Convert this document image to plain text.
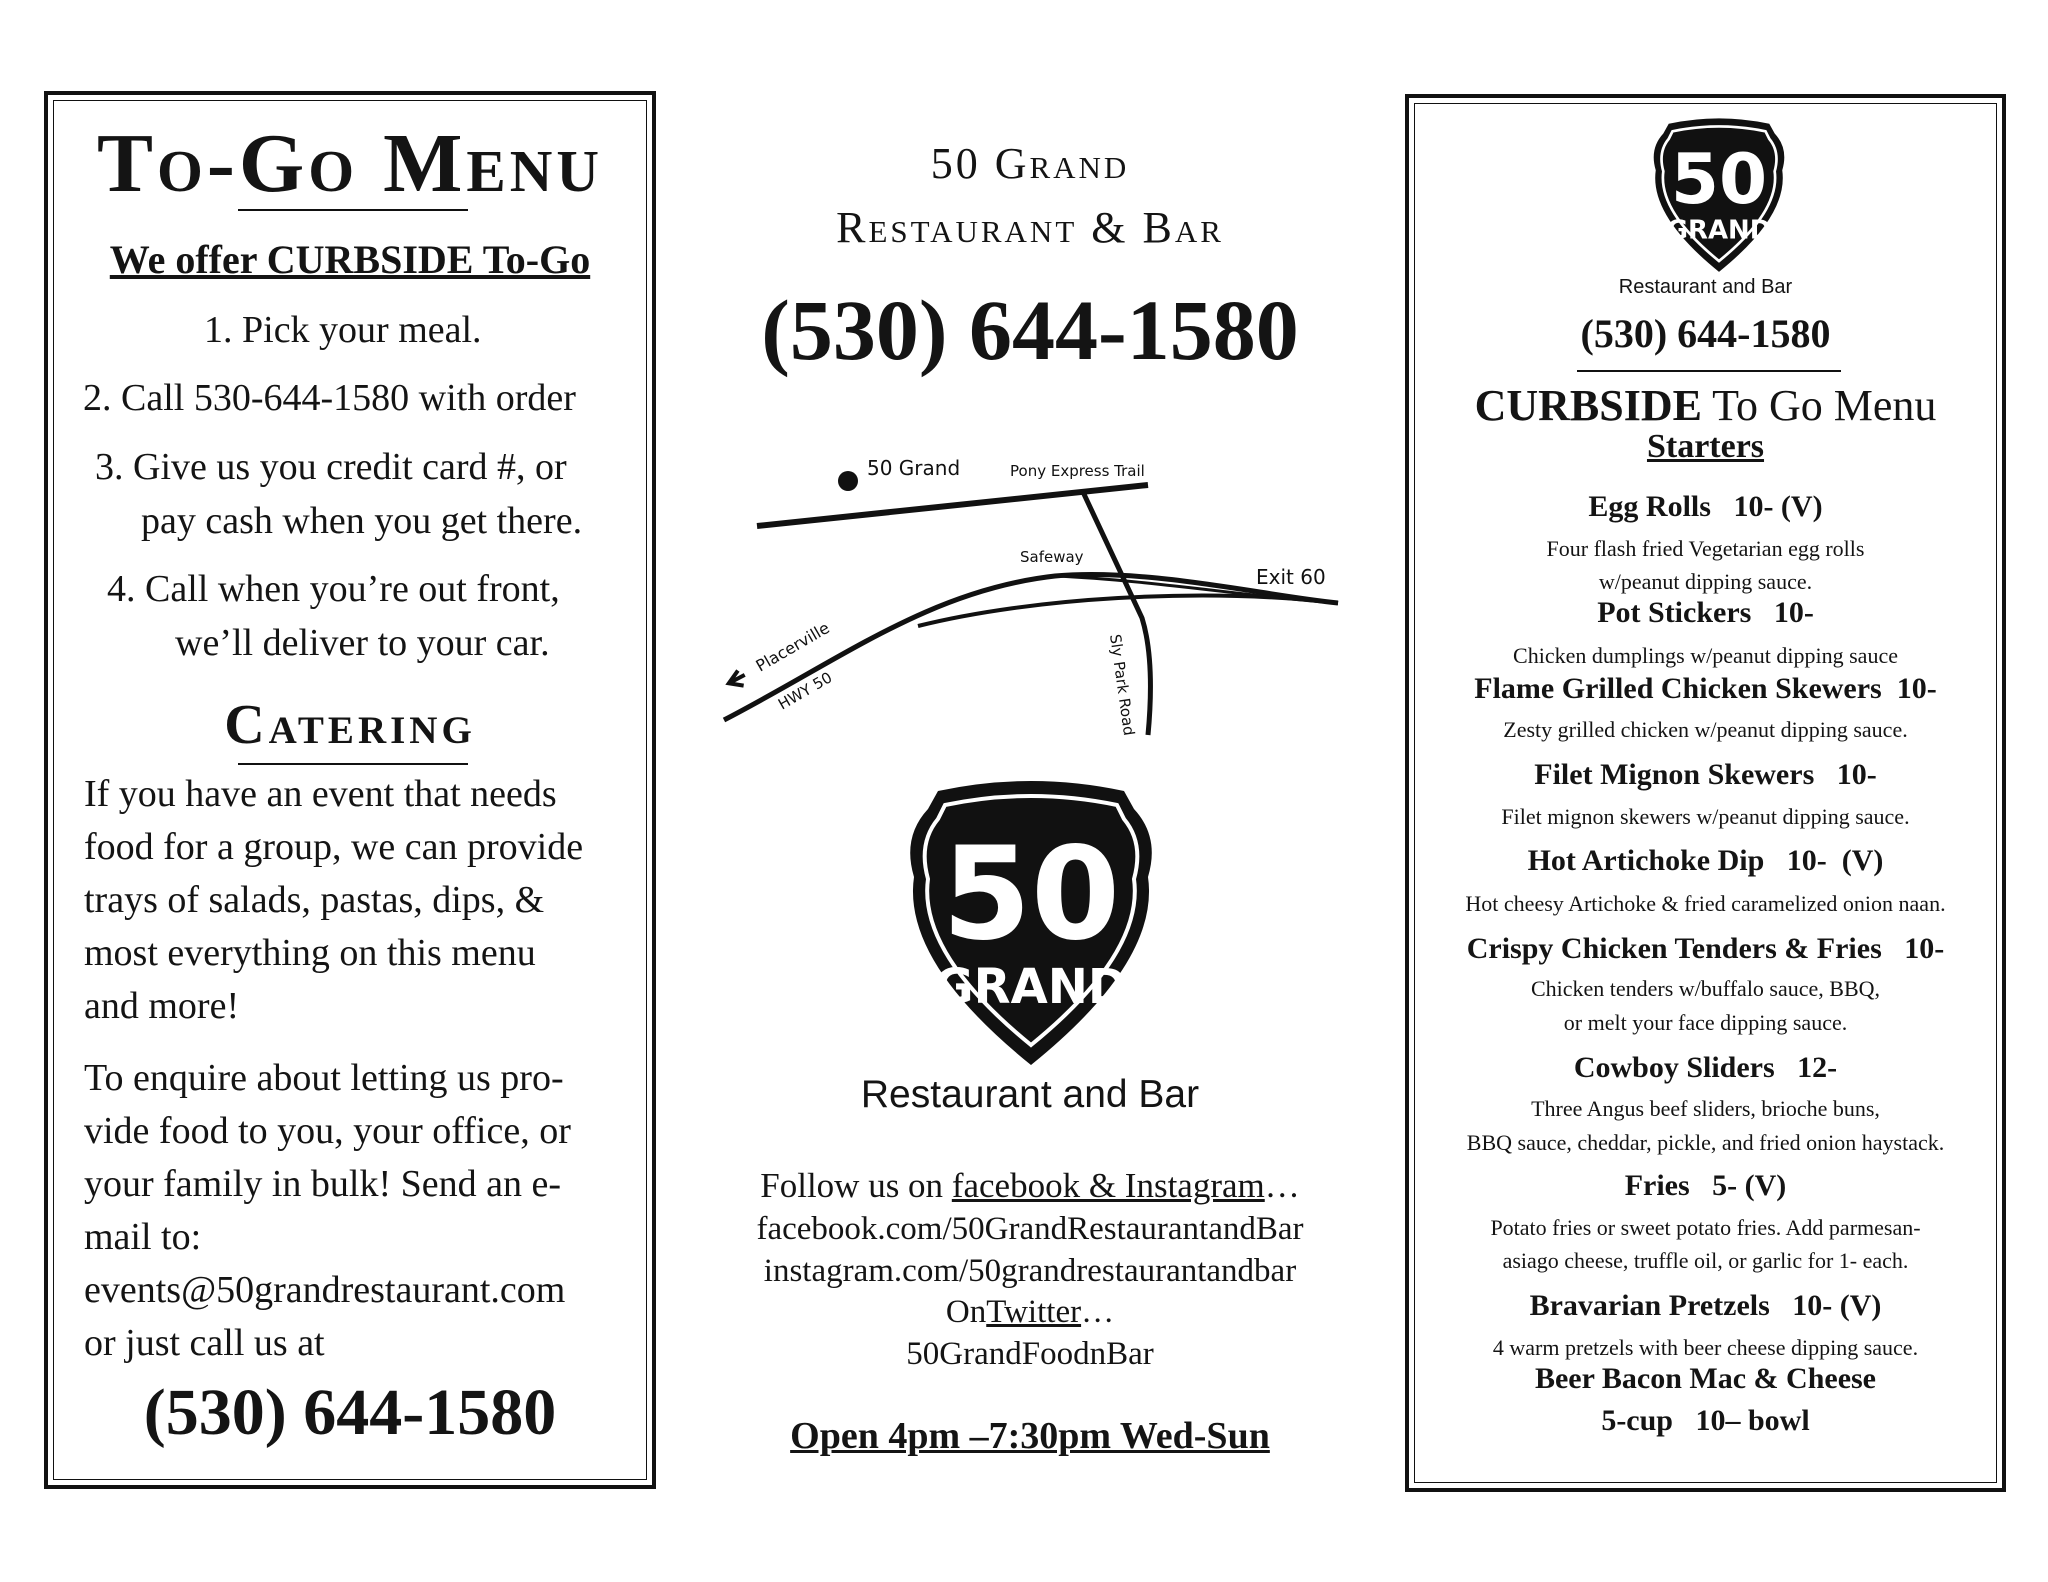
To-Go Menu
We offer CURBSIDE To-Go
1. Pick your meal.
2. Call 530-644-1580 with order
3. Give us you credit card #, or
pay cash when you get there.
4. Call when you’re out front,
we’ll deliver to your car.
Catering
If you have an event that needs
food for a group, we can provide
trays of salads, pastas, dips, &
most everything on this menu
and more!
To enquire about letting us pro-
vide food to you, your office, or
your family in bulk! Send an e-
mail to:
events@50grandrestaurant.com
or just call us at
(530) 644-1580
50 Grand
Restaurant & Bar
(530) 644-1580
50 Grand	Pony Express Trail
Sly Park Road
Safeway
Exit 60
Placerville
HWY 50
50
GRAND
Restaurant and Bar
Follow us on facebook & Instagram…
facebook.com/50GrandRestaurantandBar
instagram.com/50grandrestaurantandbar
OnTwitter…
50GrandFoodnBar
Open 4pm –7:30pm Wed-Sun
50
GRAND
Restaurant and Bar
(530) 644-1580
CURBSIDE To Go Menu
Starters
Egg Rolls   10- (V)
Four flash fried Vegetarian egg rolls
w/peanut dipping sauce.
Pot Stickers   10-
Chicken dumplings w/peanut dipping sauce
Flame Grilled Chicken Skewers  10-
Zesty grilled chicken w/peanut dipping sauce.
Filet Mignon Skewers   10-
Filet mignon skewers w/peanut dipping sauce.
Hot Artichoke Dip   10-  (V)
Hot cheesy Artichoke & fried caramelized onion naan.
Crispy Chicken Tenders & Fries   10-
Chicken tenders w/buffalo sauce, BBQ,
or melt your face dipping sauce.
Cowboy Sliders   12-
Three Angus beef sliders, brioche buns,
BBQ sauce, cheddar, pickle, and fried onion haystack.
Fries   5- (V)
Potato fries or sweet potato fries. Add parmesan-
asiago cheese, truffle oil, or garlic for 1- each.
Bravarian Pretzels   10- (V)
4 warm pretzels with beer cheese dipping sauce.
Beer Bacon Mac & Cheese
5-cup   10– bowl
